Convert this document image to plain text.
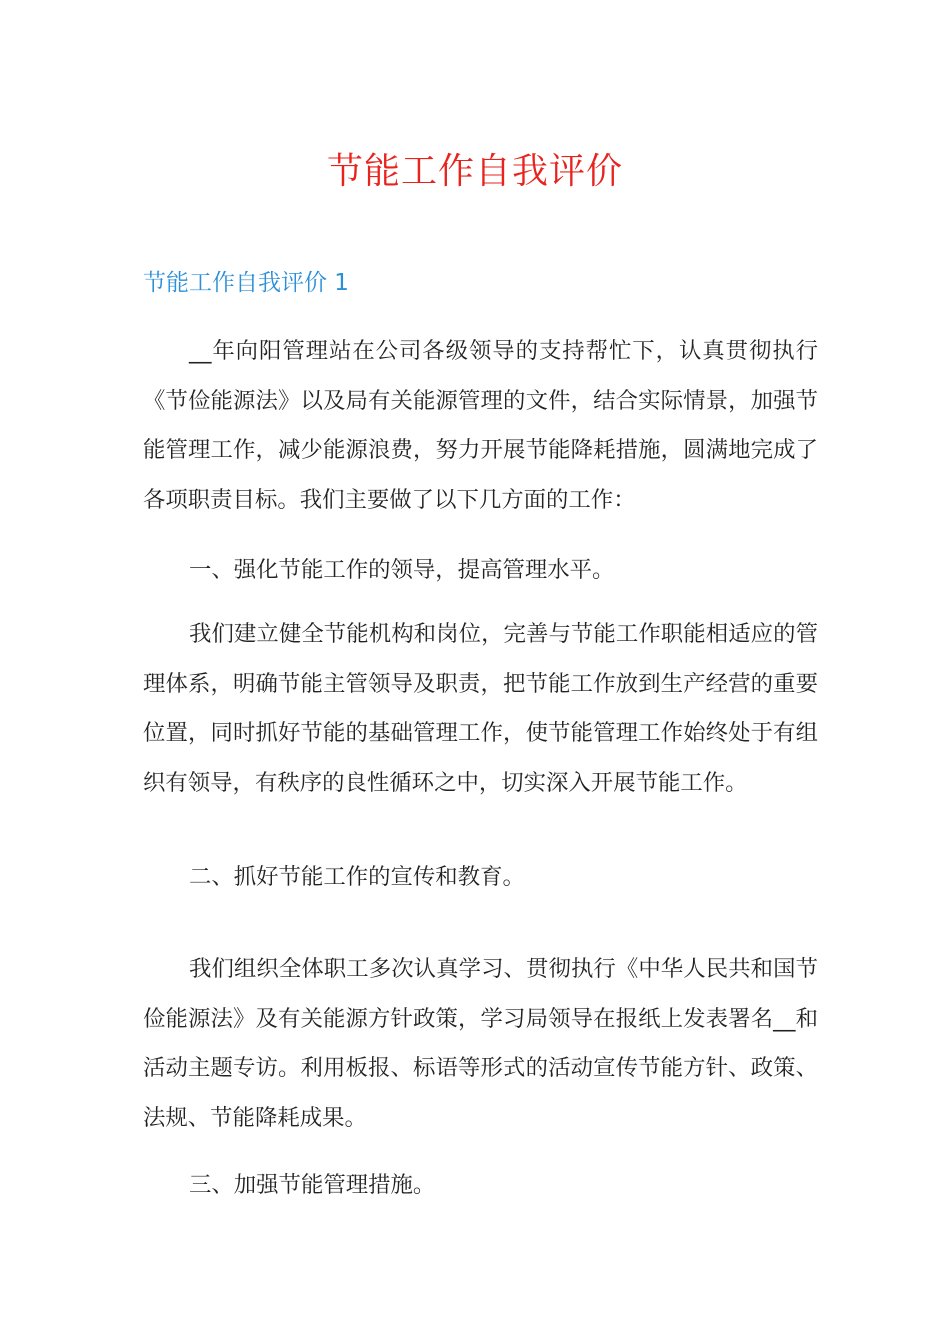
节能工作自我评价
节能工作自我评价 1

__年向阳管理站在公司各级领导的支持帮忙下，认真贯彻执行《节俭能源法》以及局有关能源管理的文件，结合实际情景，加强节能管理工作，减少能源浪费，努力开展节能降耗措施，圆满地完成了各项职责目标。我们主要做了以下几方面的工作：

一、强化节能工作的领导，提高管理水平。

我们建立健全节能机构和岗位，完善与节能工作职能相适应的管理体系，明确节能主管领导及职责，把节能工作放到生产经营的重要位置，同时抓好节能的基础管理工作，使节能管理工作始终处于有组织有领导，有秩序的良性循环之中，切实深入开展节能工作。

二、抓好节能工作的宣传和教育。

我们组织全体职工多次认真学习、贯彻执行《中华人民共和国节俭能源法》及有关能源方针政策，学习局领导在报纸上发表署名__和活动主题专访。利用板报、标语等形式的活动宣传节能方针、政策、法规、节能降耗成果。

三、加强节能管理措施。
